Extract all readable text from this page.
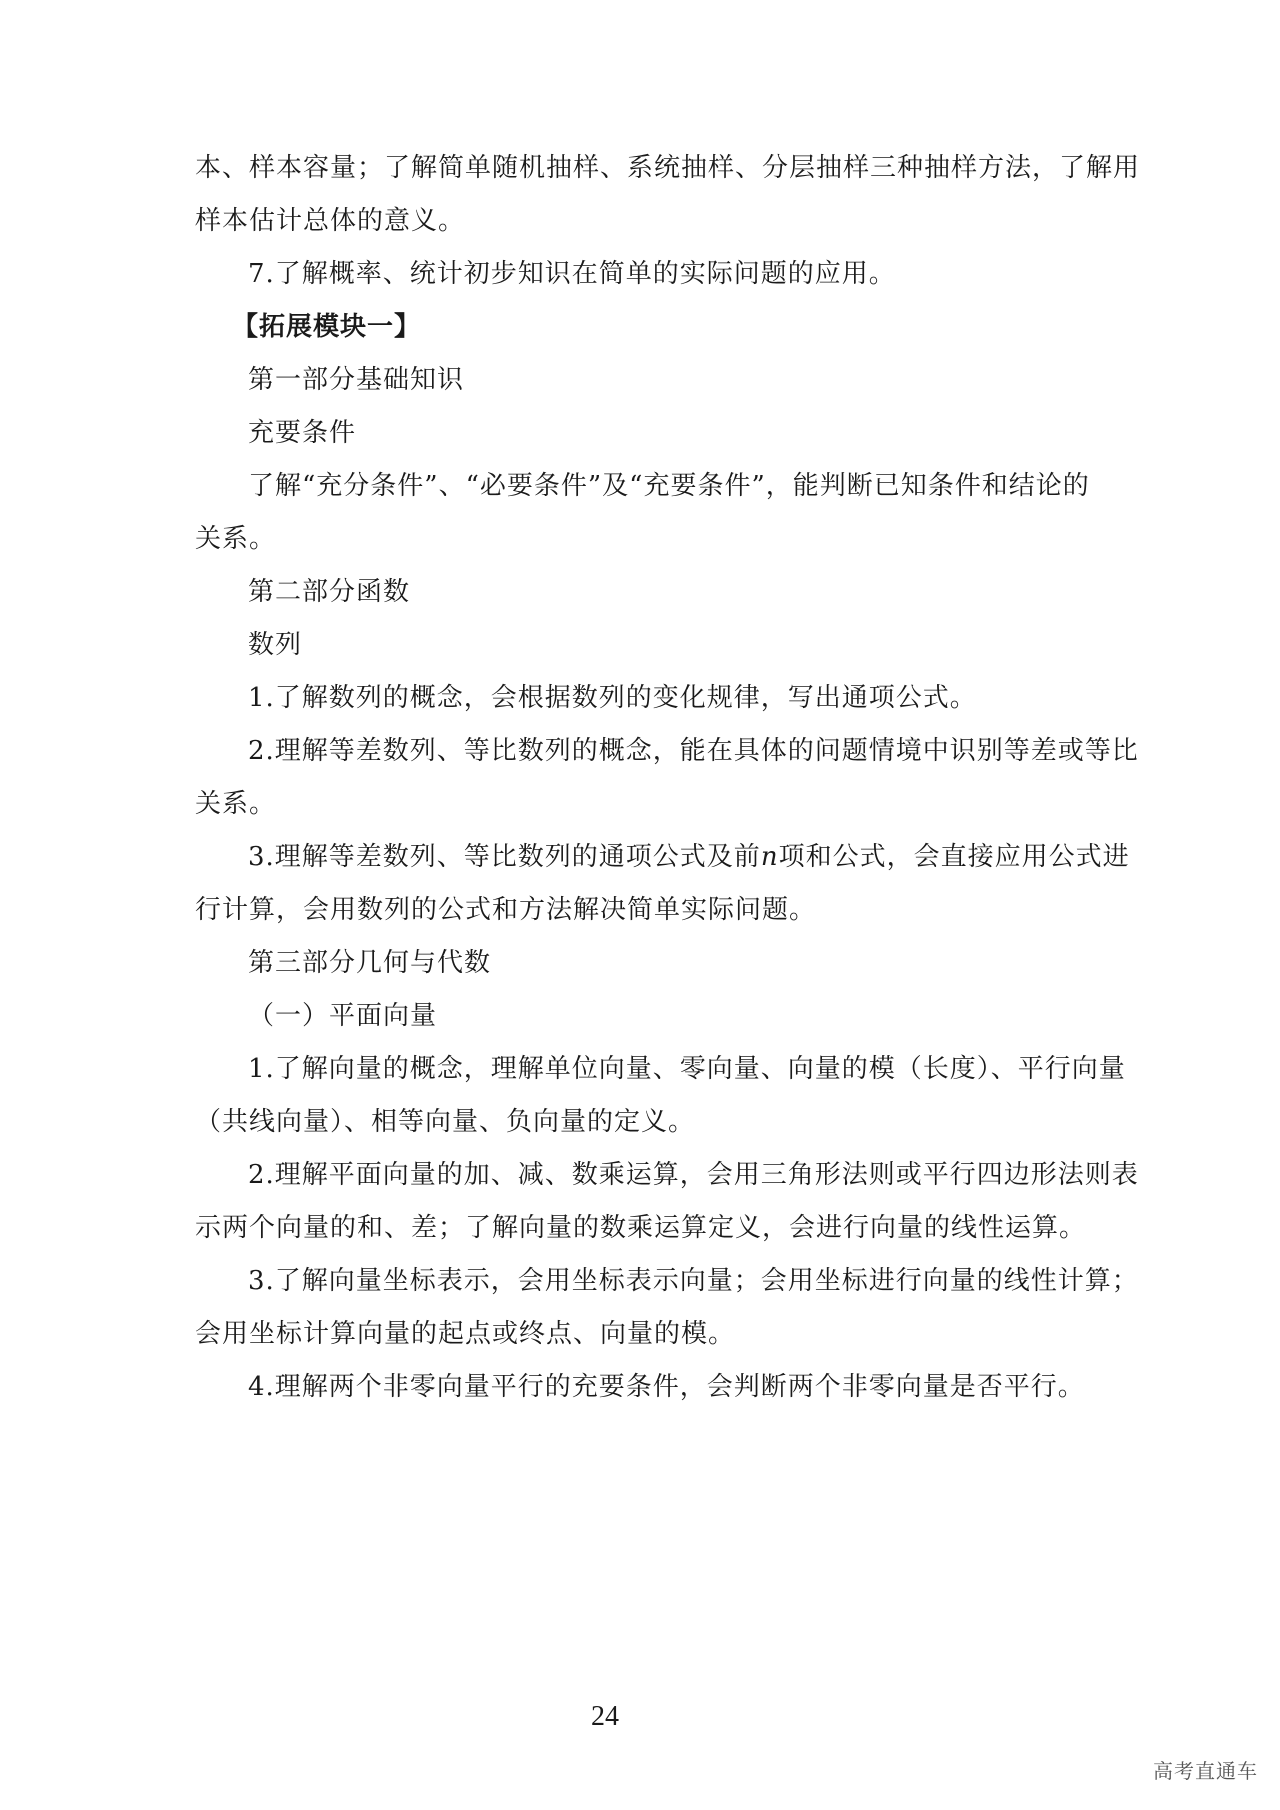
本、样本容量；了解简单随机抽样、系统抽样、分层抽样三种抽样方法，了解用
样本估计总体的意义。
7.了解概率、统计初步知识在简单的实际问题的应用。
【拓展模块一】
第一部分基础知识
充要条件
了解“充分条件”、“必要条件”及“充要条件”，能判断已知条件和结论的
关系。
第二部分函数
数列
1.了解数列的概念，会根据数列的变化规律，写出通项公式。
2.理解等差数列、等比数列的概念，能在具体的问题情境中识别等差或等比
关系。
3.理解等差数列、等比数列的通项公式及前n项和公式，会直接应用公式进
行计算，会用数列的公式和方法解决简单实际问题。
第三部分几何与代数
（一）平面向量
1.了解向量的概念，理解单位向量、零向量、向量的模（长度）、平行向量
（共线向量）、相等向量、负向量的定义。
2.理解平面向量的加、减、数乘运算，会用三角形法则或平行四边形法则表
示两个向量的和、差；了解向量的数乘运算定义，会进行向量的线性运算。
3.了解向量坐标表示，会用坐标表示向量；会用坐标进行向量的线性计算；
会用坐标计算向量的起点或终点、向量的模。
4.理解两个非零向量平行的充要条件，会判断两个非零向量是否平行。
24
高考直通车
